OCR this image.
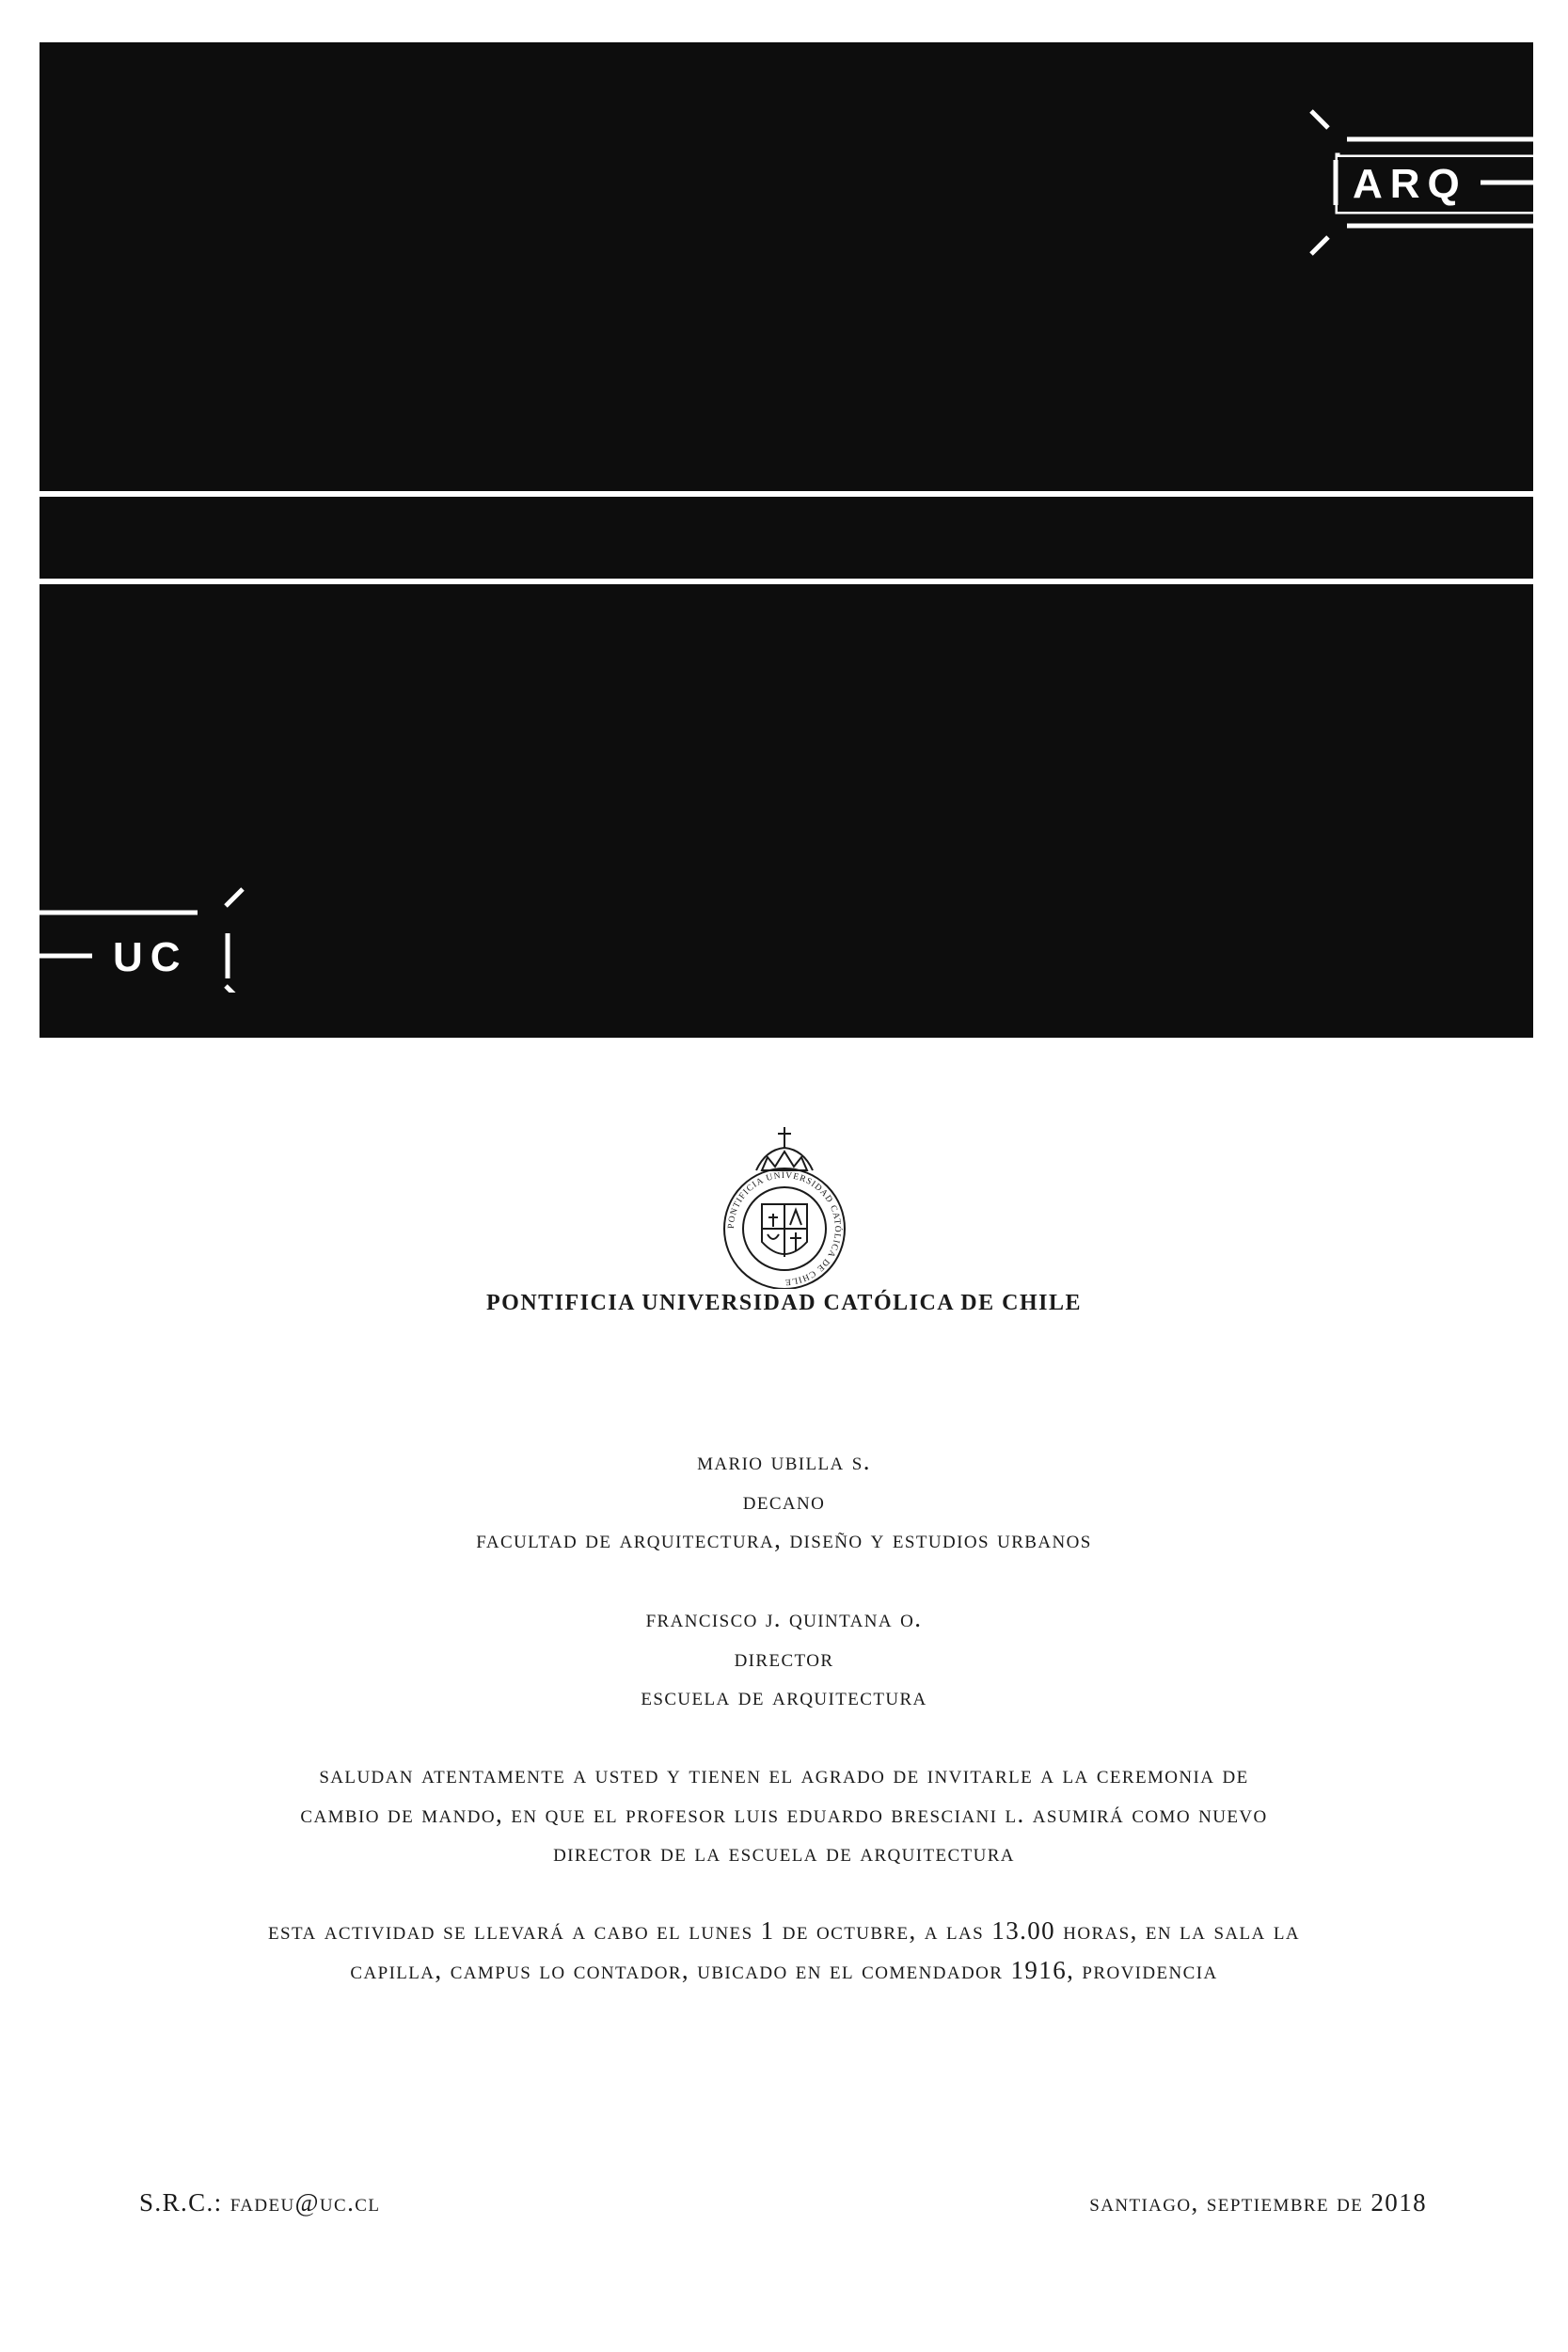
ARQ
UC
PONTIFICIA UNIVERSIDAD CATÓLICA DE CHILE
PONTIFICIA UNIVERSIDAD CATÓLICA DE CHILE
mario ubilla s.
decano
facultad de arquitectura, diseño y estudios urbanos
francisco j. quintana o.
director
escuela de arquitectura
saludan atentamente a usted y tienen el agrado de invitarle a la ceremonia de
cambio de mando, en que el profesor luis eduardo bresciani l. asumirá como nuevo
director de la escuela de arquitectura
esta actividad se llevará a cabo el lunes 1 de octubre, a las 13.00 horas, en la sala la
capilla, campus lo contador, ubicado en el comendador 1916, providencia
S.R.C.: fadeu@uc.cl	santiago, septiembre de 2018
